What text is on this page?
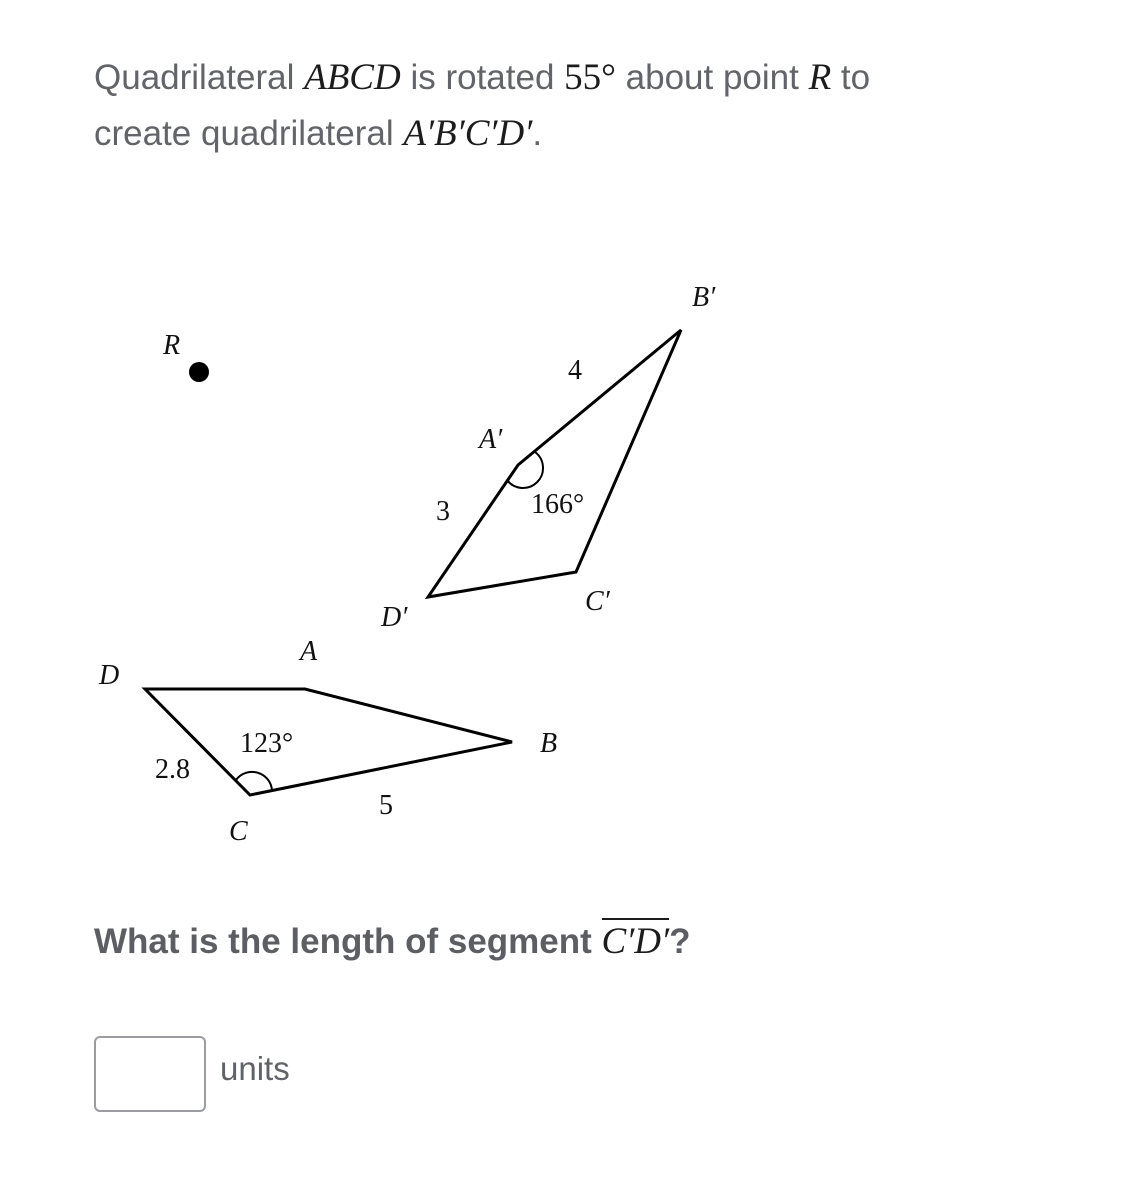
Quadrilateral ABCD is rotated 55° about point R to
create quadrilateral A′B′C′D′.
R
D
A
B
C
2.8
5
123°
A′
B′
C′
D′
3
4
166°
What is the length of segment C′D′?
units
